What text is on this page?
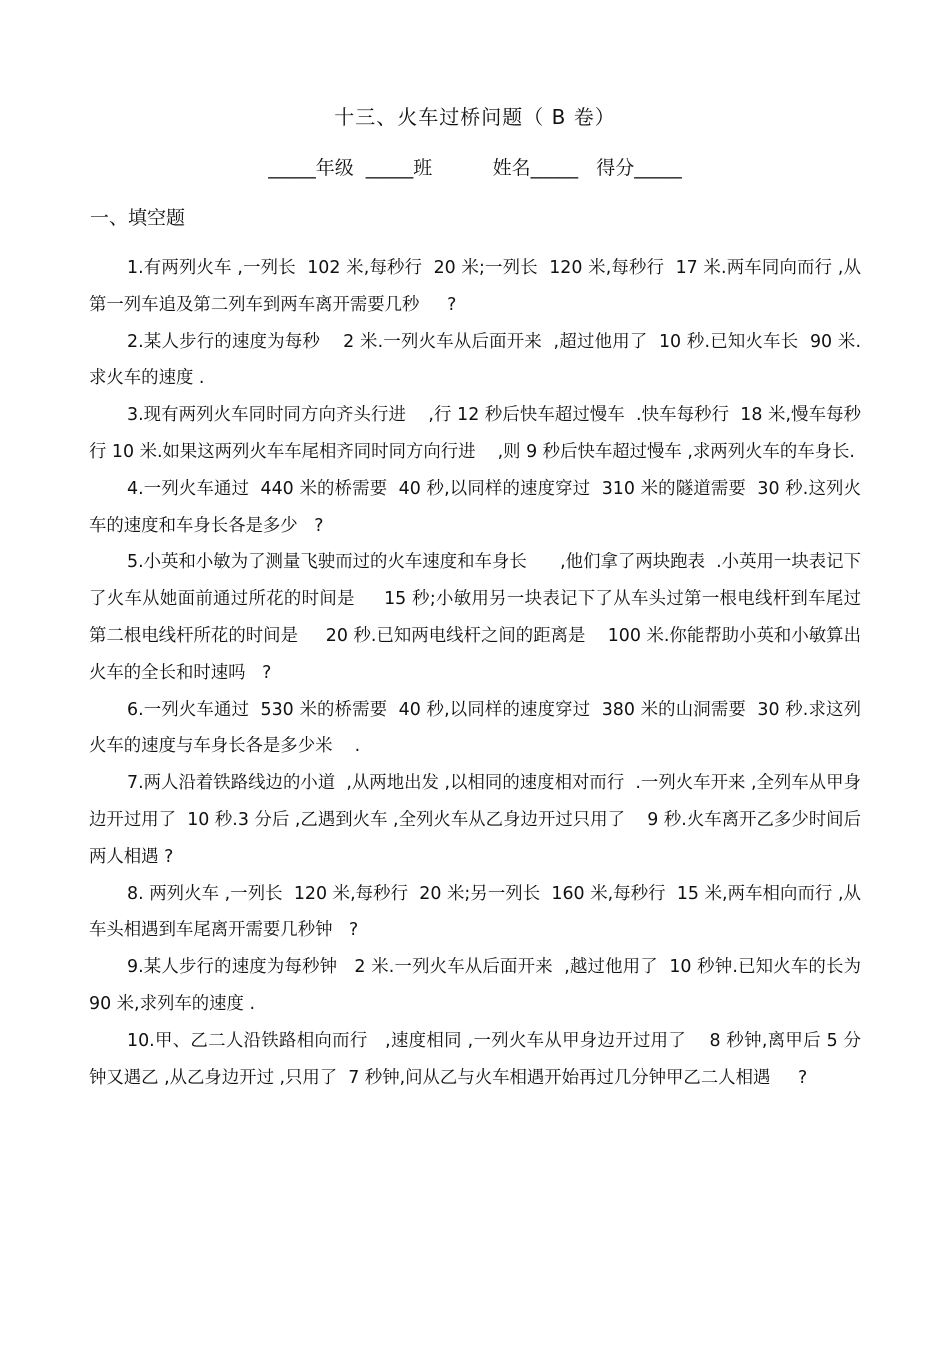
十三、火车过桥问题（ B 卷）
_____年级  _____班          姓名_____   得分_____
一、填空题
1.有两列火车 ,一列长  102 米,每秒行  20 米;一列长  120 米,每秒行  17 米.两车同向而行 ,从第一列车追及第二列车到两车离开需要几秒     ?
2.某人步行的速度为每秒    2 米.一列火车从后面开来  ,超过他用了  10 秒.已知火车长  90 米.求火车的速度 .
3.现有两列火车同时同方向齐头行进    ,行 12 秒后快车超过慢车  .快车每秒行  18 米,慢车每秒行 10 米.如果这两列火车车尾相齐同时同方向行进    ,则 9 秒后快车超过慢车 ,求两列火车的车身长.
4.一列火车通过  440 米的桥需要  40 秒,以同样的速度穿过  310 米的隧道需要  30 秒.这列火车的速度和车身长各是多少   ?
5.小英和小敏为了测量飞驶而过的火车速度和车身长      ,他们拿了两块跑表  .小英用一块表记下了火车从她面前通过所花的时间是     15 秒;小敏用另一块表记下了从车头过第一根电线杆到车尾过第二根电线杆所花的时间是     20 秒.已知两电线杆之间的距离是    100 米.你能帮助小英和小敏算出火车的全长和时速吗   ?
6.一列火车通过  530 米的桥需要  40 秒,以同样的速度穿过  380 米的山洞需要  30 秒.求这列火车的速度与车身长各是多少米    .
7.两人沿着铁路线边的小道  ,从两地出发 ,以相同的速度相对而行  .一列火车开来 ,全列车从甲身边开过用了  10 秒.3 分后 ,乙遇到火车 ,全列火车从乙身边开过只用了    9 秒.火车离开乙多少时间后两人相遇 ?
8. 两列火车 ,一列长  120 米,每秒行  20 米;另一列长  160 米,每秒行  15 米,两车相向而行 ,从车头相遇到车尾离开需要几秒钟   ?
9.某人步行的速度为每秒钟   2 米.一列火车从后面开来  ,越过他用了  10 秒钟.已知火车的长为 90 米,求列车的速度 .
10.甲、乙二人沿铁路相向而行   ,速度相同 ,一列火车从甲身边开过用了    8 秒钟,离甲后 5 分钟又遇乙 ,从乙身边开过 ,只用了  7 秒钟,问从乙与火车相遇开始再过几分钟甲乙二人相遇     ?
